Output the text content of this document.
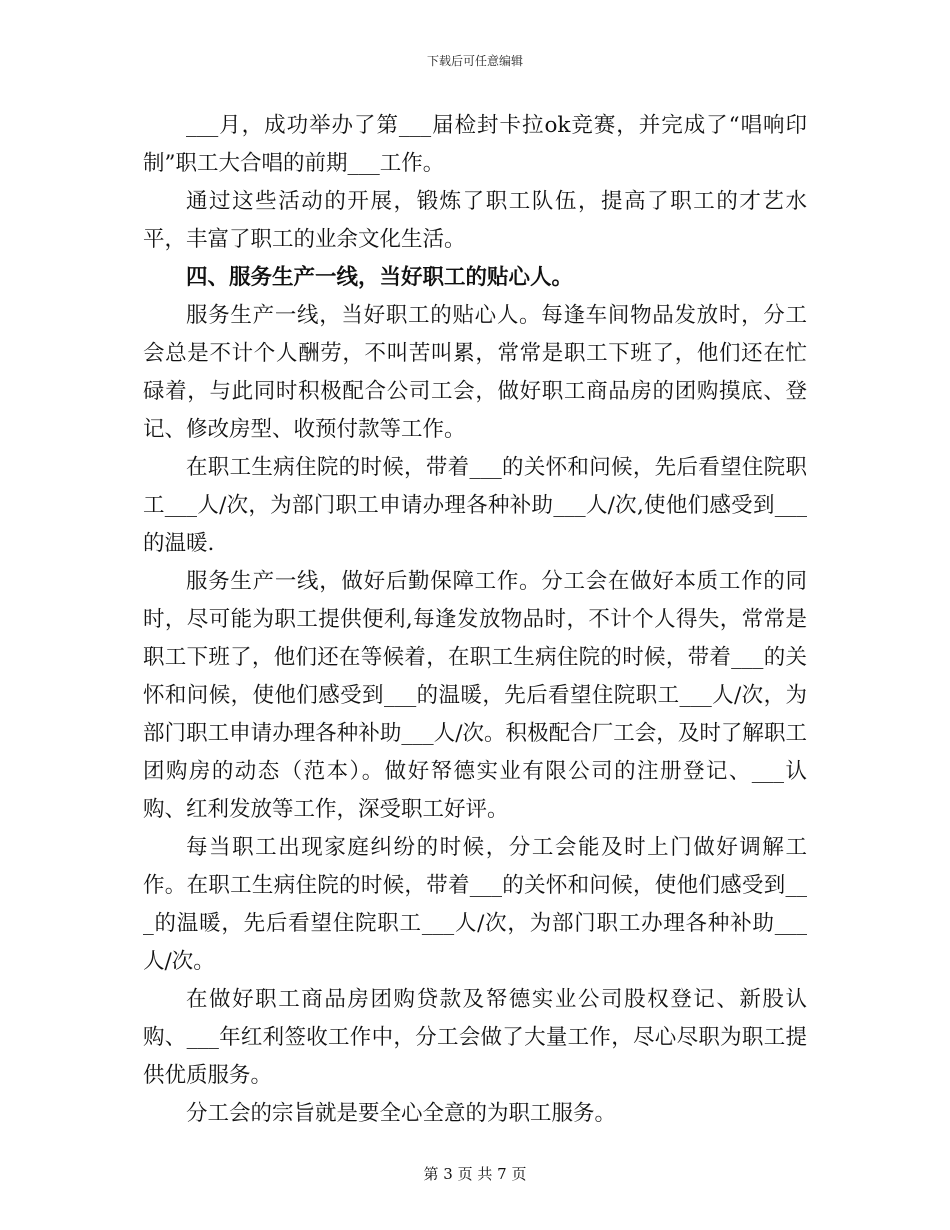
下载后可任意编辑

___月，成功举办了第___届检封卡拉ok竞赛，并完成了“唱响印制”职工大合唱的前期___工作。

通过这些活动的开展，锻炼了职工队伍，提高了职工的才艺水平，丰富了职工的业余文化生活。

四、服务生产一线，当好职工的贴心人。

服务生产一线，当好职工的贴心人。每逢车间物品发放时，分工会总是不计个人酬劳，不叫苦叫累，常常是职工下班了，他们还在忙碌着，与此同时积极配合公司工会，做好职工商品房的团购摸底、登记、修改房型、收预付款等工作。

在职工生病住院的时候，带着___的关怀和问候，先后看望住院职工___人/次，为部门职工申请办理各种补助___人/次,使他们感受到___的温暖.

服务生产一线，做好后勤保障工作。分工会在做好本质工作的同时，尽可能为职工提供便利,每逢发放物品时，不计个人得失，常常是职工下班了，他们还在等候着，在职工生病住院的时候，带着___的关怀和问候，使他们感受到___的温暖，先后看望住院职工___人/次，为部门职工申请办理各种补助___人/次。积极配合厂工会，及时了解职工团购房的动态（范本）。做好帑德实业有限公司的注册登记、___认购、红利发放等工作，深受职工好评。

每当职工出现家庭纠纷的时候，分工会能及时上门做好调解工作。在职工生病住院的时候，带着___的关怀和问候，使他们感受到___的温暖，先后看望住院职工___人/次，为部门职工办理各种补助___人/次。

在做好职工商品房团购贷款及帑德实业公司股权登记、新股认购、___年红利签收工作中，分工会做了大量工作，尽心尽职为职工提供优质服务。

分工会的宗旨就是要全心全意的为职工服务。

第 3 页 共 7 页
